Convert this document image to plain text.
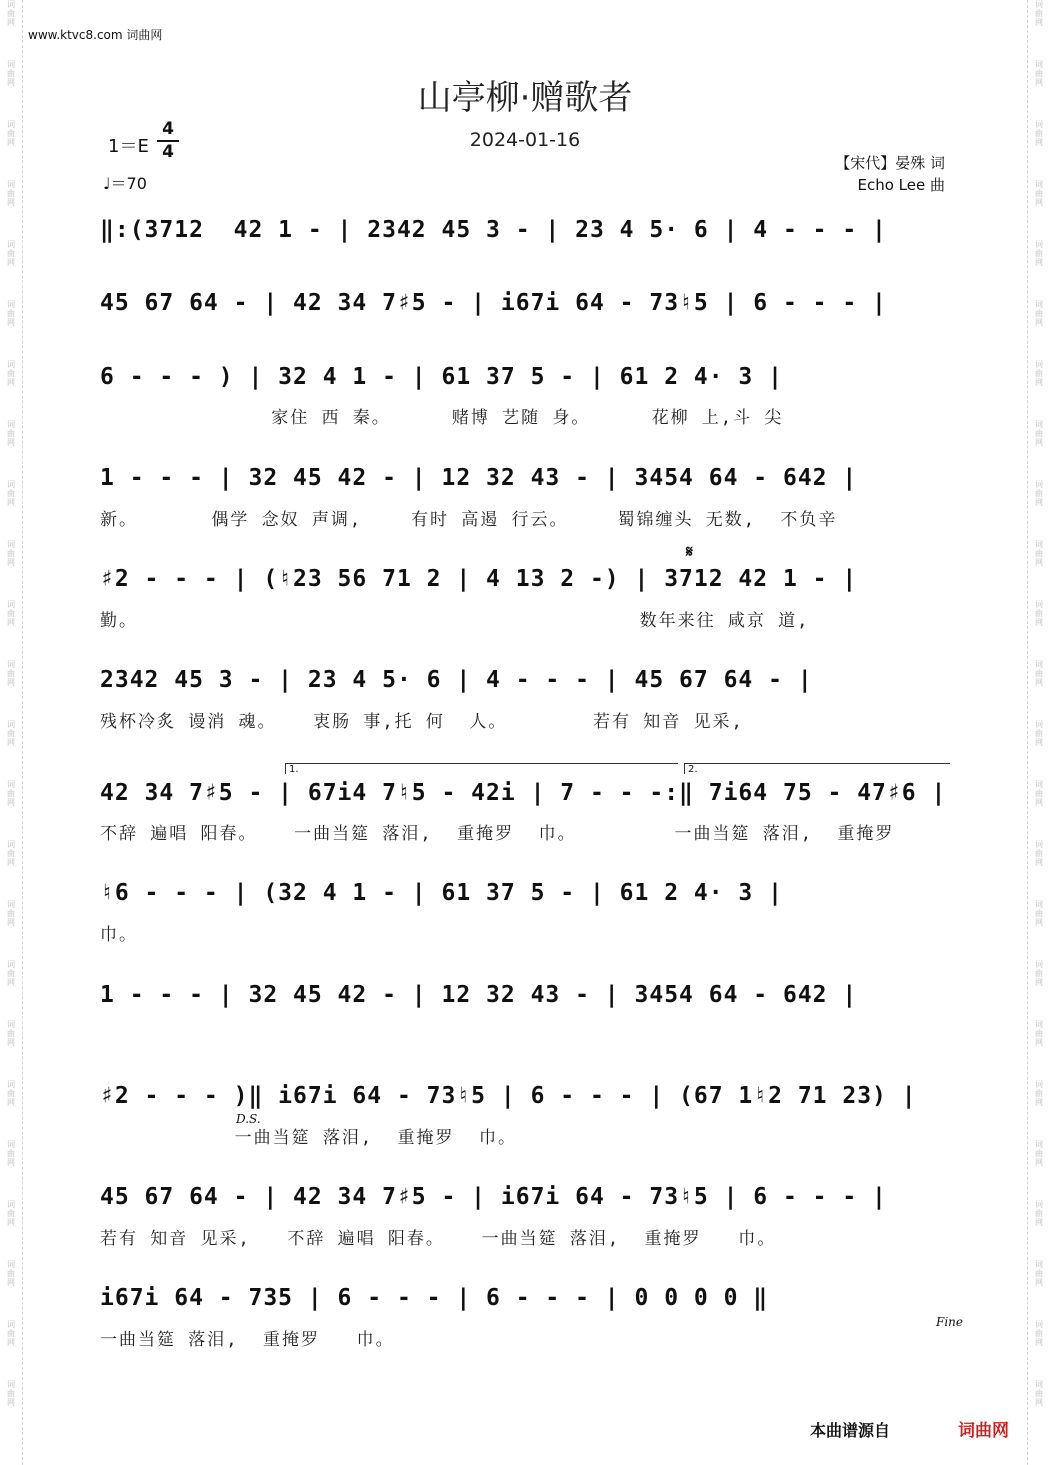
词曲网
词曲网
词曲网
词曲网
词曲网
词曲网
词曲网
词曲网
词曲网
词曲网
词曲网
词曲网
词曲网
词曲网
词曲网
词曲网
词曲网
词曲网
词曲网
词曲网
词曲网
词曲网
词曲网
词曲网
词曲网
词曲网
词曲网
词曲网
词曲网
词曲网
词曲网
词曲网
词曲网
词曲网
词曲网
词曲网
词曲网
词曲网
词曲网
词曲网
词曲网
词曲网
词曲网
词曲网
词曲网
词曲网
词曲网
词曲网
www.ktvc8.com 词曲网
山亭柳·赠歌者
2024-01-16
1＝E
4
4
♩＝70
【宋代】晏殊 词
Echo Lee 曲
𝄋
1.	2.
D.S.
Fine
‖:(3712  42 1 - | 2342 45 3 - | 23 4 5· 6 | 4 - - - |
45 67 64 - | 42 34 7♯5 - | i67i 64 - 73♮5 | 6 - - - |
6 - - - ) | 32 4 1 - | 61 37 5 - | 61 2 4· 3 |
家住 西 秦。     赌博 艺随 身。     花柳 上,斗 尖
1 - - - | 32 45 42 - | 12 32 43 - | 3454 64 - 642 |
新。      偶学 念奴 声调,    有时 高遏 行云。    蜀锦缠头 无数,  不负辛
♯2 - - - | (♮23 56 71 2 | 4 13 2 -) | 3712 42 1 - |
勤。                                         数年来往 咸京 道,
2342 45 3 - | 23 4 5· 6 | 4 - - - | 45 67 64 - |
残杯冷炙 谩消 魂。   衷肠 事,托 何  人。       若有 知音 见采,
42 34 7♯5 - | 67i4 7♮5 - 42i | 7 - - -:‖ 7i64 75 - 47♯6 |
不辞 遍唱 阳春。   一曲当筵 落泪,  重掩罗  巾。        一曲当筵 落泪,  重掩罗
♮6 - - - | (32 4 1 - | 61 37 5 - | 61 2 4· 3 |
巾。
1 - - - | 32 45 42 - | 12 32 43 - | 3454 64 - 642 |
♯2 - - - )‖ i67i 64 - 73♮5 | 6 - - - | (67 1♮2 71 23) |
一曲当筵 落泪,  重掩罗  巾。
45 67 64 - | 42 34 7♯5 - | i67i 64 - 73♮5 | 6 - - - |
若有 知音 见采,   不辞 遍唱 阳春。   一曲当筵 落泪,  重掩罗   巾。
i67i 64 - 735 | 6 - - - | 6 - - - | 0 0 0 0 ‖
一曲当筵 落泪,  重掩罗   巾。
本曲谱源自	词曲网
